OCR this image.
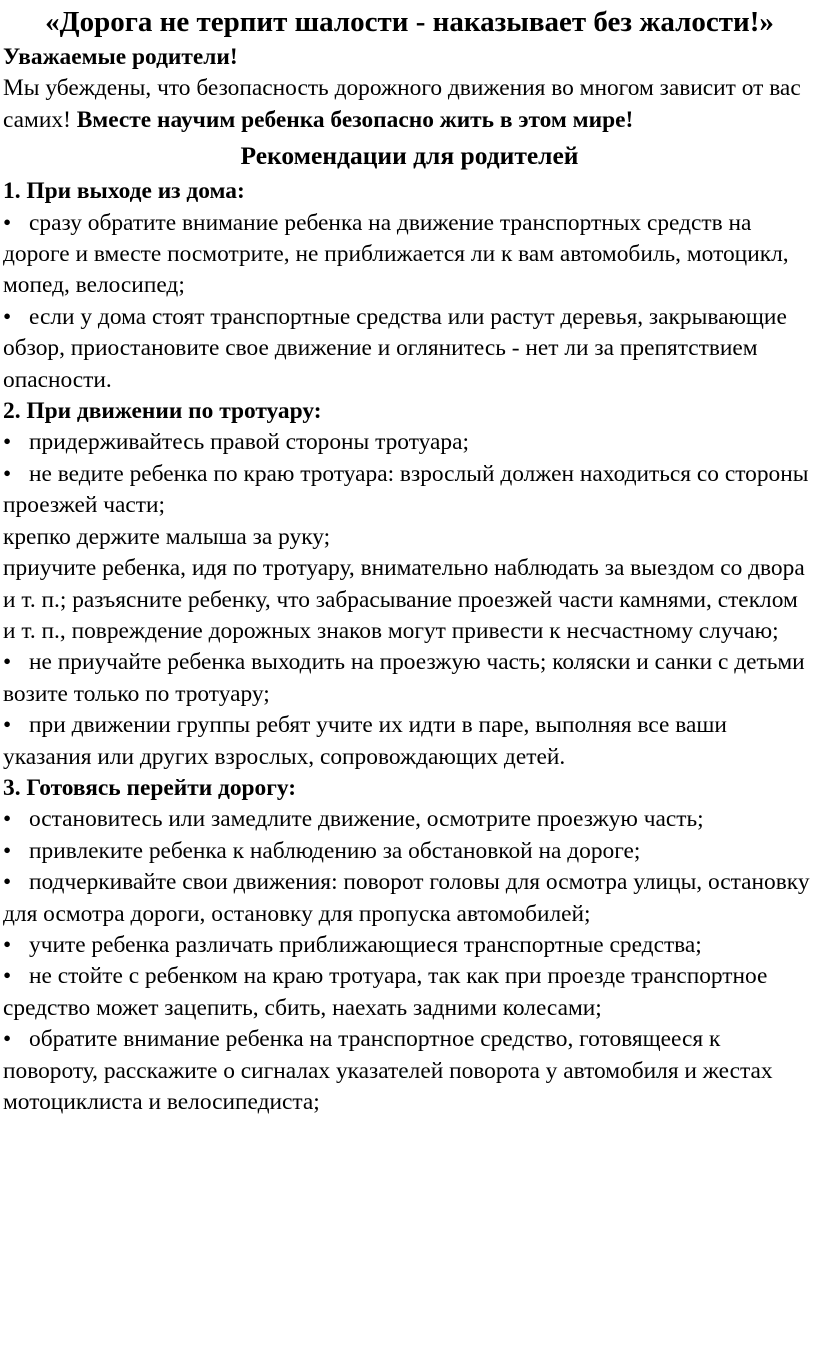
«Дорога не терпит шалости - наказывает без жалости!»

Уважаемые родители!

Мы убеждены, что безопасность дорожного движения во многом зависит от вас самих! Вместе научим ребенка безопасно жить в этом мире!

Рекомендации для родителей

1. При выходе из дома:

• сразу обратите внимание ребенка на движение транспортных средств на дороге и вместе посмотрите, не приближается ли к вам автомобиль, мотоцикл, мопед, велосипед;

• если у дома стоят транспортные средства или растут деревья, закрывающие обзор, приостановите свое движение и оглянитесь - нет ли за препятствием опасности.

2. При движении по тротуару:

• придерживайтесь правой стороны тротуара;

• не ведите ребенка по краю тротуара: взрослый должен находиться со стороны проезжей части;

крепко держите малыша за руку;

приучите ребенка, идя по тротуару, внимательно наблюдать за выездом со двора и т. п.; разъясните ребенку, что забрасывание проезжей части камнями, стеклом и т. п., повреждение дорожных знаков могут привести к несчастному случаю;

• не приучайте ребенка выходить на проезжую часть; коляски и санки с детьми возите только по тротуару;

• при движении группы ребят учите их идти в паре, выполняя все ваши указания или других взрослых, сопровождающих детей.

3. Готовясь перейти дорогу:

• остановитесь или замедлите движение, осмотрите проезжую часть;

• привлеките ребенка к наблюдению за обстановкой на дороге;

• подчеркивайте свои движения: поворот головы для осмотра улицы, остановку для осмотра дороги, остановку для пропуска автомобилей;

• учите ребенка различать приближающиеся транспортные средства;

• не стойте с ребенком на краю тротуара, так как при проезде транспортное средство может зацепить, сбить, наехать задними колесами;

• обратите внимание ребенка на транспортное средство, готовящееся к повороту, расскажите о сигналах указателей поворота у автомобиля и жестах мотоциклиста и велосипедиста;
